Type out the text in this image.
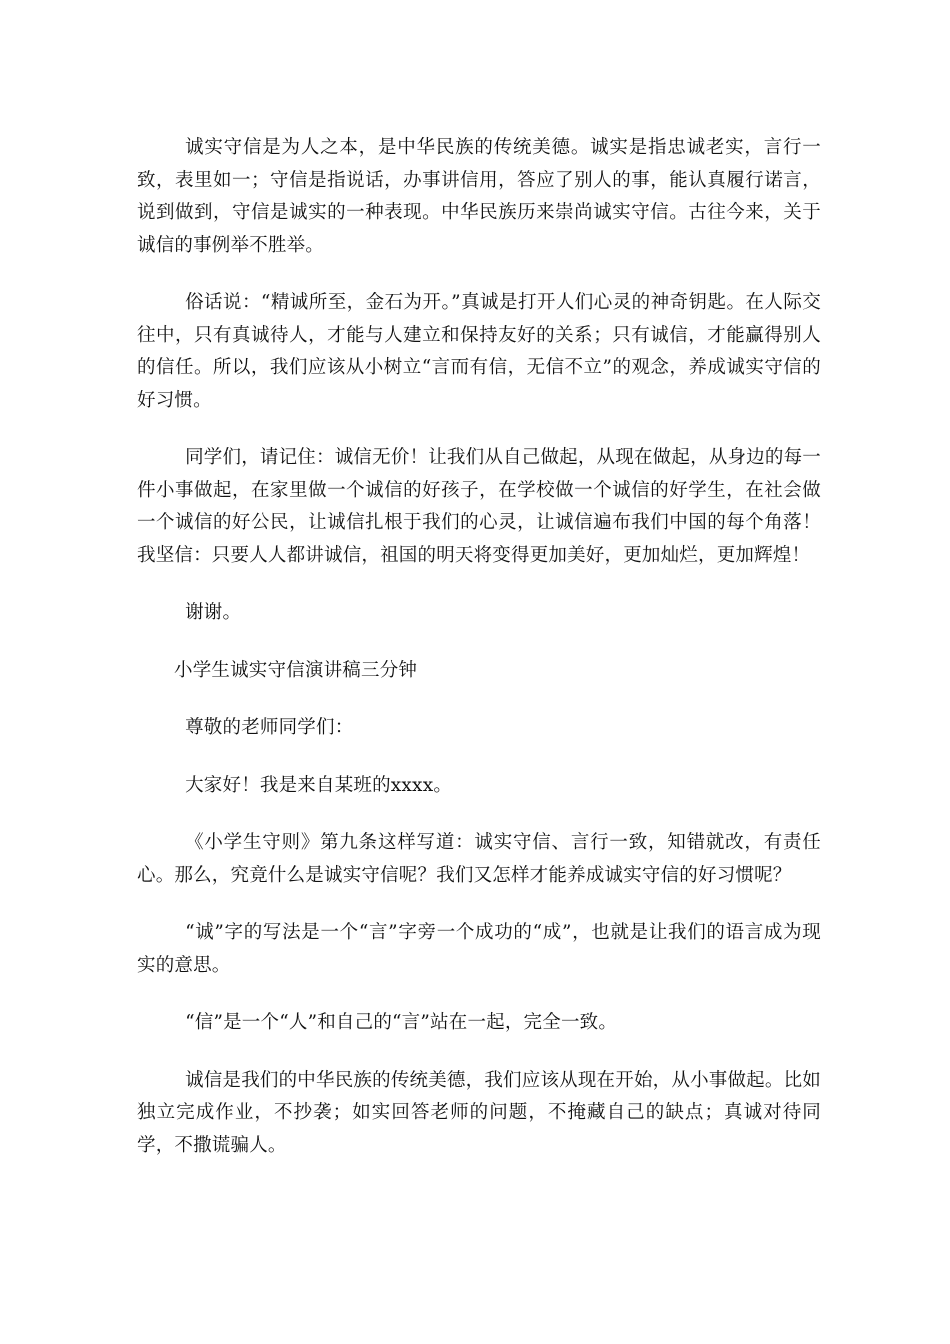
诚实守信是为人之本，是中华民族的传统美德。诚实是指忠诚老实，言行一致，表里如一；守信是指说话，办事讲信用，答应了别人的事，能认真履行诺言，说到做到，守信是诚实的一种表现。中华民族历来崇尚诚实守信。古往今来，关于诚信的事例举不胜举。

俗话说：“精诚所至，金石为开。”真诚是打开人们心灵的神奇钥匙。在人际交往中，只有真诚待人，才能与人建立和保持友好的关系；只有诚信，才能赢得别人的信任。所以，我们应该从小树立“言而有信，无信不立”的观念，养成诚实守信的好习惯。

同学们，请记住：诚信无价！让我们从自己做起，从现在做起，从身边的每一件小事做起，在家里做一个诚信的好孩子，在学校做一个诚信的好学生，在社会做一个诚信的好公民，让诚信扎根于我们的心灵，让诚信遍布我们中国的每个角落！我坚信：只要人人都讲诚信，祖国的明天将变得更加美好，更加灿烂，更加辉煌！

谢谢。

小学生诚实守信演讲稿三分钟

尊敬的老师同学们：

大家好！我是来自某班的xxxx。

《小学生守则》第九条这样写道：诚实守信、言行一致，知错就改，有责任心。那么，究竟什么是诚实守信呢？我们又怎样才能养成诚实守信的好习惯呢？

“诚”字的写法是一个“言”字旁一个成功的“成”，也就是让我们的语言成为现实的意思。

“信”是一个“人”和自己的“言”站在一起，完全一致。

诚信是我们的中华民族的传统美德，我们应该从现在开始，从小事做起。比如独立完成作业，不抄袭；如实回答老师的问题，不掩藏自己的缺点；真诚对待同学，不撒谎骗人。
